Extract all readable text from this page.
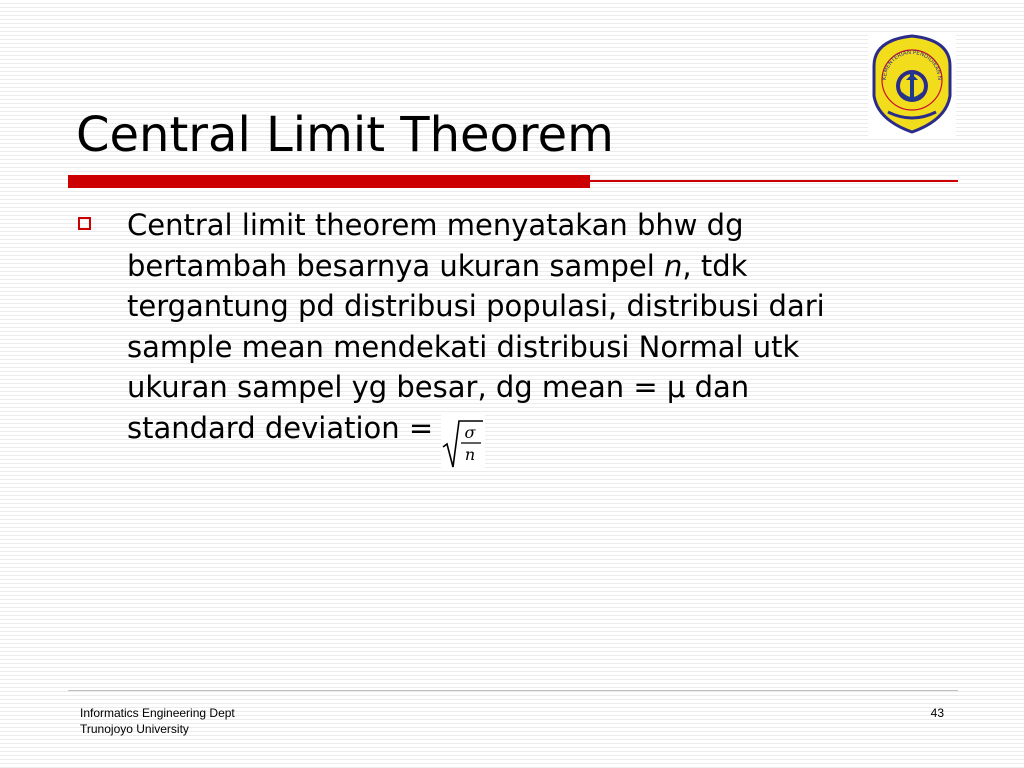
Central Limit Theorem
KEMENTERIAN PENDIDIKAN N

Central limit theorem menyatakan bhw dg
bertambah besarnya ukuran sampel n, tdk
tergantung pd distribusi populasi, distribusi dari
sample mean mendekati distribusi Normal utk
ukuran sampel yg besar, dg mean = μ dan
standard deviation = σ
n

Informatics Engineering Dept
Trunojoyo University
43
